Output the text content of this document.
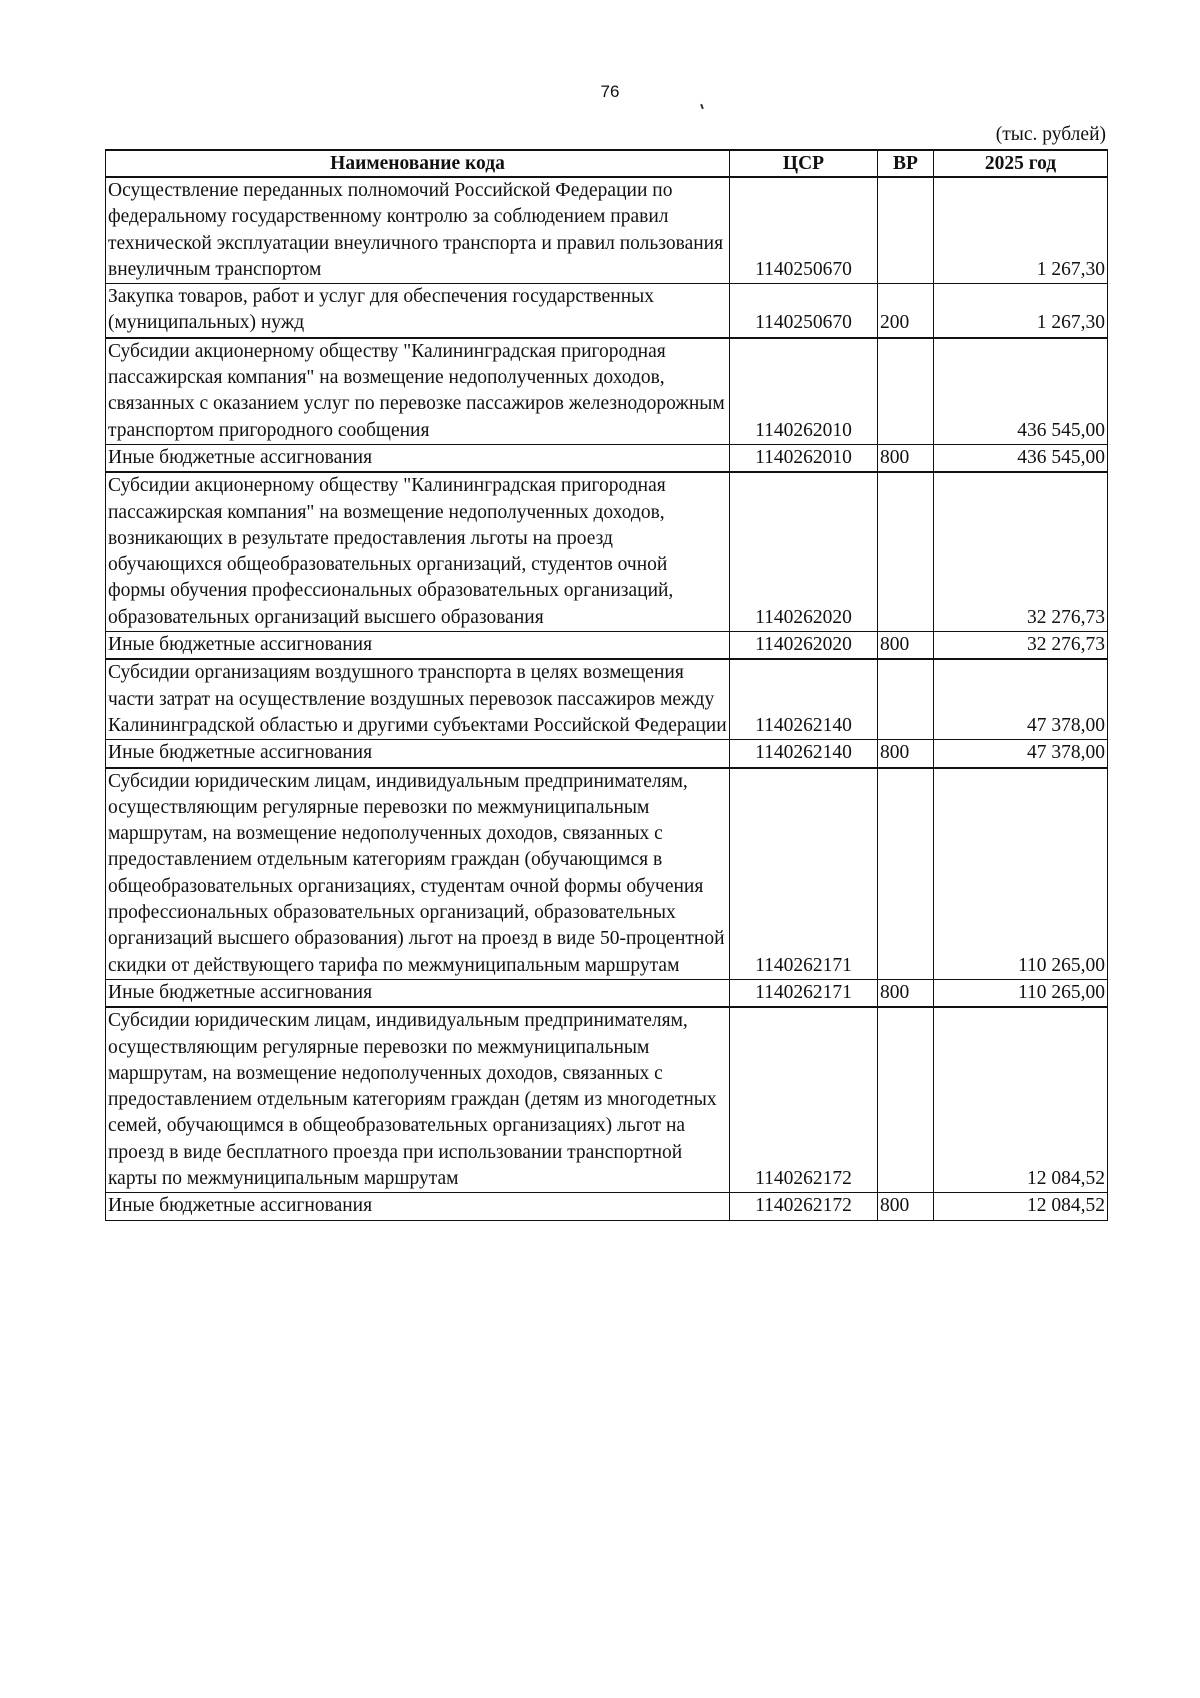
76
(тыс. рублей)
Наименование кода	ЦСР	ВР	2025 год
Осуществление переданных полномочий Российской Федерации по федеральному государственному контролю за соблюдением правил технической эксплуатации внеуличного транспорта и правил пользования внеуличным транспортом	1140250670		1 267,30
Закупка товаров, работ и услуг для обеспечения государственных (муниципальных) нужд	1140250670	200	1 267,30
Субсидии акционерному обществу "Калининградская пригородная пассажирская компания" на возмещение недополученных доходов, связанных с оказанием услуг по перевозке пассажиров железнодорожным транспортом пригородного сообщения	1140262010		436 545,00
Иные бюджетные ассигнования	1140262010	800	436 545,00
Субсидии акционерному обществу "Калининградская пригородная пассажирская компания" на возмещение недополученных доходов, возникающих в результате предоставления льготы на проезд обучающихся общеобразовательных организаций, студентов очной формы обучения профессиональных образовательных организаций, образовательных организаций высшего образования	1140262020		32 276,73
Иные бюджетные ассигнования	1140262020	800	32 276,73
Субсидии организациям воздушного транспорта в целях возмещения части затрат на осуществление воздушных перевозок пассажиров между Калининградской областью и другими субъектами Российской Федерации	1140262140		47 378,00
Иные бюджетные ассигнования	1140262140	800	47 378,00
Субсидии юридическим лицам, индивидуальным предпринимателям, осуществляющим регулярные перевозки по межмуниципальным маршрутам, на возмещение недополученных доходов, связанных с предоставлением отдельным категориям граждан (обучающимся в общеобразовательных организациях, студентам очной формы обучения профессиональных образовательных организаций, образовательных организаций высшего образования) льгот на проезд в виде 50-процентной скидки от действующего тарифа по межмуниципальным маршрутам	1140262171		110 265,00
Иные бюджетные ассигнования	1140262171	800	110 265,00
Субсидии юридическим лицам, индивидуальным предпринимателям, осуществляющим регулярные перевозки по межмуниципальным маршрутам, на возмещение недополученных доходов, связанных с предоставлением отдельным категориям граждан (детям из многодетных семей, обучающимся в общеобразовательных организациях) льгот на проезд в виде бесплатного проезда при использовании транспортной карты по межмуниципальным маршрутам	1140262172		12 084,52
Иные бюджетные ассигнования	1140262172	800	12 084,52
